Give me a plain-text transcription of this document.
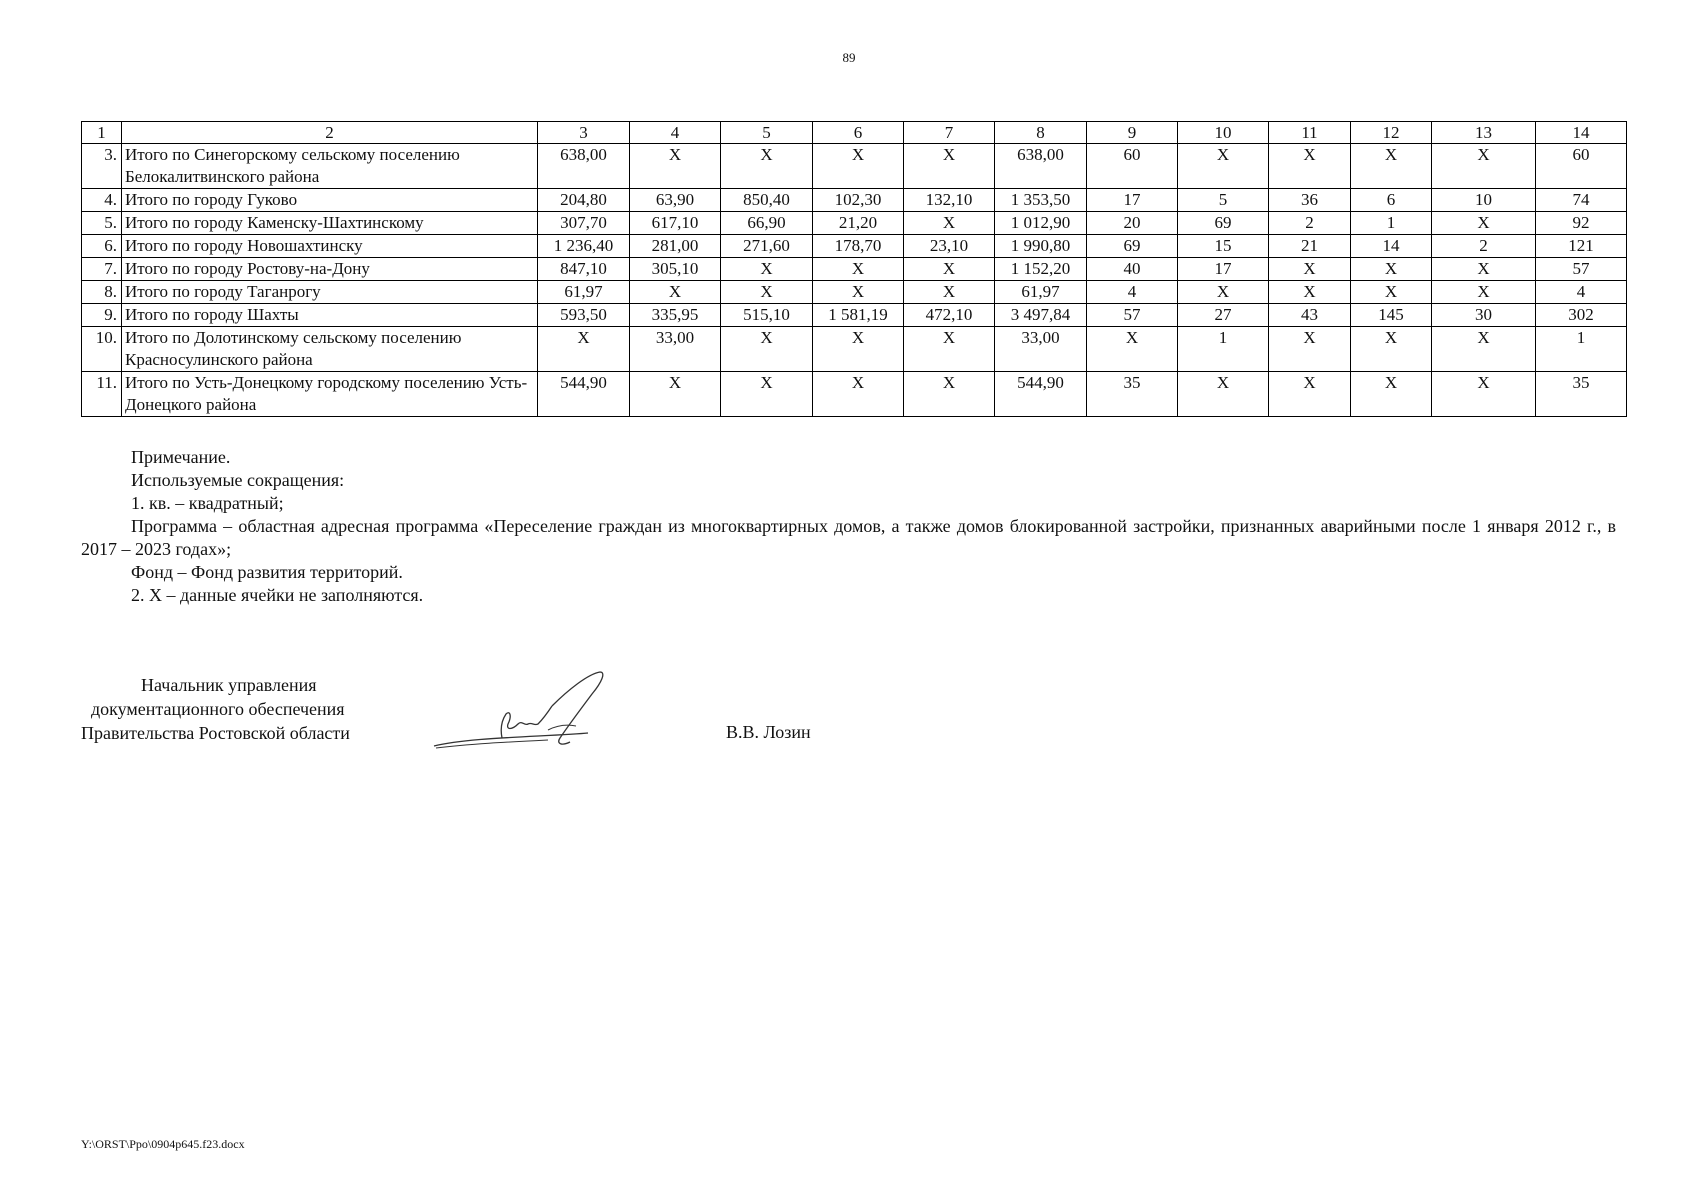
89
1	2	3	4	5	6	7	8	9	10	11	12	13	14
3.	Итого по Синегорскому сельскому поселению Белокалитвинского района	638,00	X	X	X	X	638,00	60	X	X	X	X	60
4.	Итого по городу Гуково	204,80	63,90	850,40	102,30	132,10	1 353,50	17	5	36	6	10	74
5.	Итого по городу Каменску-Шахтинскому	307,70	617,10	66,90	21,20	X	1 012,90	20	69	2	1	X	92
6.	Итого по городу Новошахтинску	1 236,40	281,00	271,60	178,70	23,10	1 990,80	69	15	21	14	2	121
7.	Итого по городу Ростову-на-Дону	847,10	305,10	X	X	X	1 152,20	40	17	X	X	X	57
8.	Итого по городу Таганрогу	61,97	X	X	X	X	61,97	4	X	X	X	X	4
9.	Итого по городу Шахты	593,50	335,95	515,10	1 581,19	472,10	3 497,84	57	27	43	145	30	302
10.	Итого по Долотинскому сельскому поселению Красносулинского района	X	33,00	X	X	X	33,00	X	1	X	X	X	1
11.	Итого по Усть-Донецкому городскому поселению Усть-Донецкого района	544,90	X	X	X	X	544,90	35	X	X	X	X	35

Примечание.

Используемые сокращения:

1. кв. – квадратный;

Программа – областная адресная программа «Переселение граждан из многоквартирных домов, а также домов блокированной застройки, признанных аварийными после 1 января 2012 г., в 2017 – 2023 годах»;

Фонд – Фонд развития территорий.

2. X – данные ячейки не заполняются.

Начальник управления
документационного обеспечения
Правительства Ростовской области	В.В. Лозин
Y:\ORST\Ppo\0904p645.f23.docx
